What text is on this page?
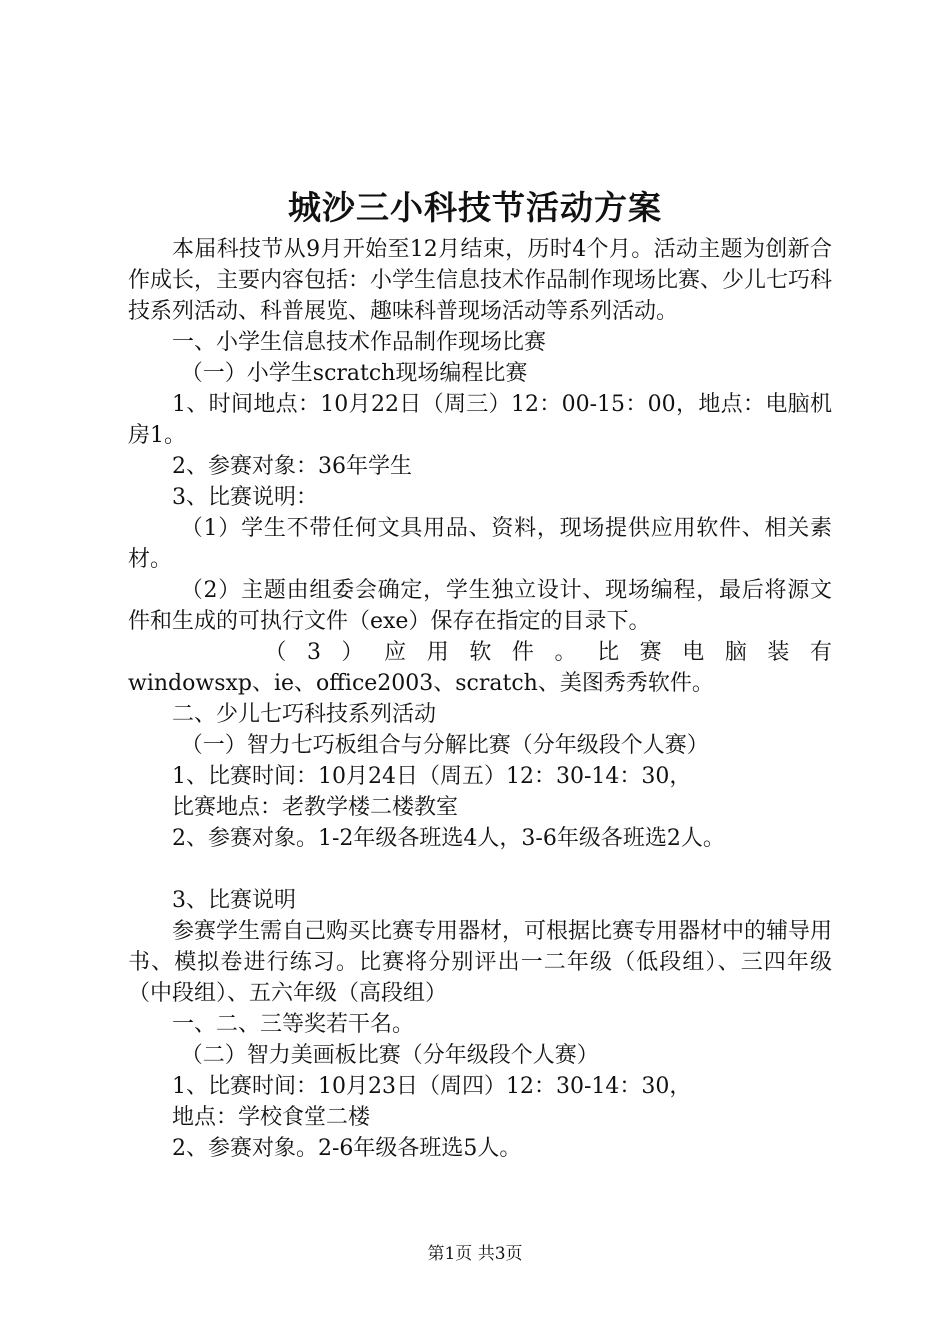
城沙三小科技节活动方案

本届科技节从9月开始至12月结束，历时4个月。活动主题为创新合作成长，主要内容包括：小学生信息技术作品制作现场比赛、少儿七巧科技系列活动、科普展览、趣味科普现场活动等系列活动。

一、小学生信息技术作品制作现场比赛

（一）小学生scratch现场编程比赛

1、时间地点：10月22日（周三）12：00-15：00，地点：电脑机房1。

2、参赛对象：36年学生

3、比赛说明：

（1）学生不带任何文具用品、资料，现场提供应用软件、相关素材。

（2）主题由组委会确定，学生独立设计、现场编程，最后将源文件和生成的可执行文件（exe）保存在指定的目录下。

（3）应用软件。比赛电脑装有

windowsxp、ie、office2003、scratch、美图秀秀软件。

二、少儿七巧科技系列活动

（一）智力七巧板组合与分解比赛（分年级段个人赛）

1、比赛时间：10月24日（周五）12：30-14：30，

比赛地点：老教学楼二楼教室

2、参赛对象。1-2年级各班选4人，3-6年级各班选2人。

3、比赛说明

参赛学生需自己购买比赛专用器材，可根据比赛专用器材中的辅导用书、模拟卷进行练习。比赛将分别评出一二年级（低段组）、三四年级（中段组）、五六年级（高段组）

一、二、三等奖若干名。

（二）智力美画板比赛（分年级段个人赛）

1、比赛时间：10月23日（周四）12：30-14：30，

地点：学校食堂二楼

2、参赛对象。2-6年级各班选5人。

第1页 共3页
